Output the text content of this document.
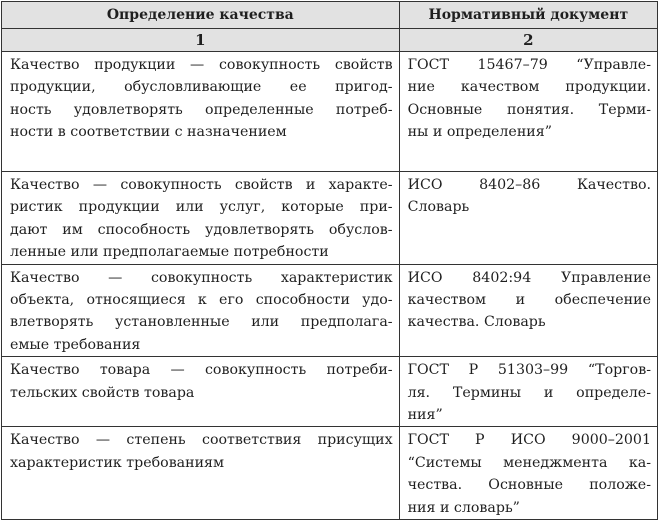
Определение качества	Нормативный документ
1	2

Качество продукции — совокупность свойств
продукции, обусловливающие ее пригод-
ность удовлетворять определенные потреб-
ности в соответствии с назначением	ГОСТ 15467–79 “Управле-
ние качеством продукции.
Основные понятия. Терми-
ны и определения”

Качество — совокупность свойств и характе-
ристик продукции или услуг, которые при-
дают им способность удовлетворять обуслов-
ленные или предполагаемые потребности	ИСО 8402–86 Качество.
Словарь

Качество — совокупность характеристик
объекта, относящиеся к его способности удо-
влетворять установленные или предполага-
емые требования	ИСО 8402:94 Управление
качеством и обеспечение
качества. Словарь

Качество товара — совокупность потреби-
тельских свойств товара	ГОСТ Р 51303–99 “Торгов-
ля. Термины и определе-
ния”

Качество — степень соответствия присущих
характеристик требованиям	ГОСТ Р ИСО 9000–2001
“Системы менеджмента ка-
чества. Основные положе-
ния и словарь”
